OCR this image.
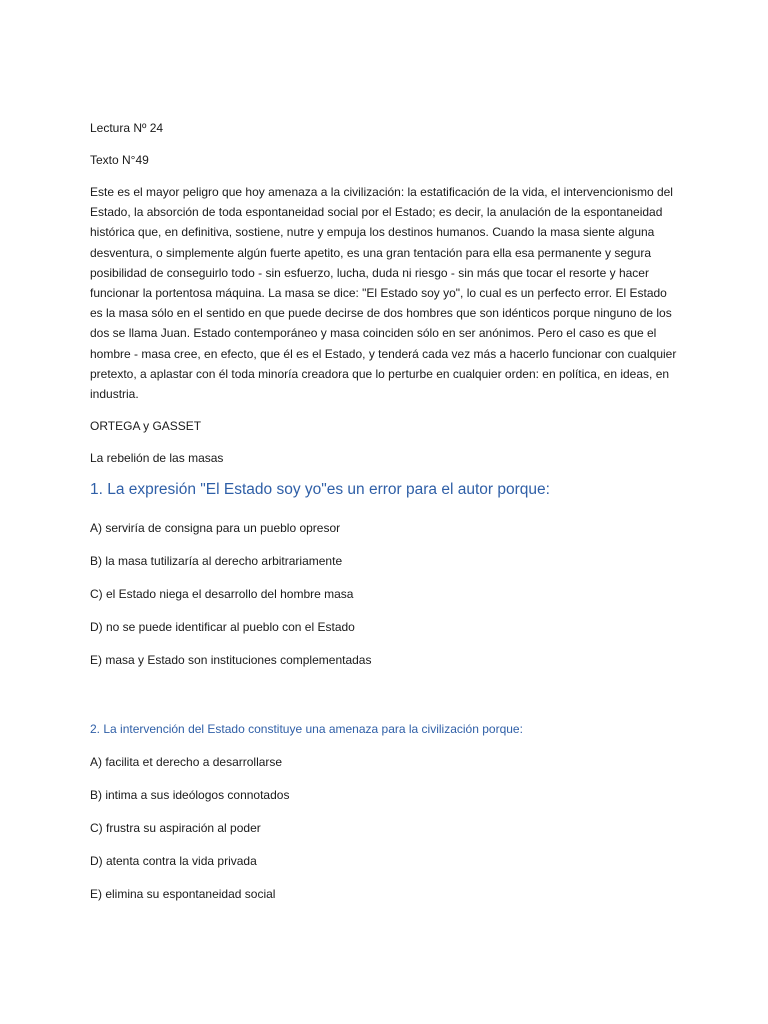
Lectura Nº 24

Texto N°49

Este es el mayor peligro que hoy amenaza a la civilización: la estatificación de la vida, el intervencionismo del Estado, la absorción de toda espontaneidad social por el Estado; es decir, la anulación de la espontaneidad histórica que, en definitiva, sostiene, nutre y empuja los destinos humanos. Cuando la masa siente alguna desventura, o simplemente algún fuerte apetito, es una gran tentación para ella esa permanente y segura posibilidad de conseguirlo todo - sin esfuerzo, lucha, duda ni riesgo - sin más que tocar el resorte y hacer funcionar la portentosa máquina. La masa se dice: "El Estado soy yo", lo cual es un perfecto error. El Estado es la masa sólo en el sentido en que puede decirse de dos hombres que son idénticos porque ninguno de los dos se llama Juan. Estado contemporáneo y masa coinciden sólo en ser anónimos. Pero el caso es que el hombre - masa cree, en efecto, que él es el Estado, y tenderá cada vez más a hacerlo funcionar con cualquier pretexto, a aplastar con él toda minoría creadora que lo perturbe en cualquier orden: en política, en ideas, en industria.

ORTEGA y GASSET

La rebelión de las masas

1. La expresión "El Estado soy yo"es un error para el autor porque:

A) serviría de consigna para un pueblo opresor

B) la masa tutilizaría al derecho arbitrariamente

C) el Estado niega el desarrollo del hombre masa

D) no se puede identificar al pueblo con el Estado

E) masa y Estado son instituciones complementadas

2. La intervención del Estado constituye una amenaza para la civilización porque:

A) facilita et derecho a desarrollarse

B) intima a sus ideólogos connotados

C) frustra su aspiración al poder

D) atenta contra la vida privada

E) elimina su espontaneidad social
